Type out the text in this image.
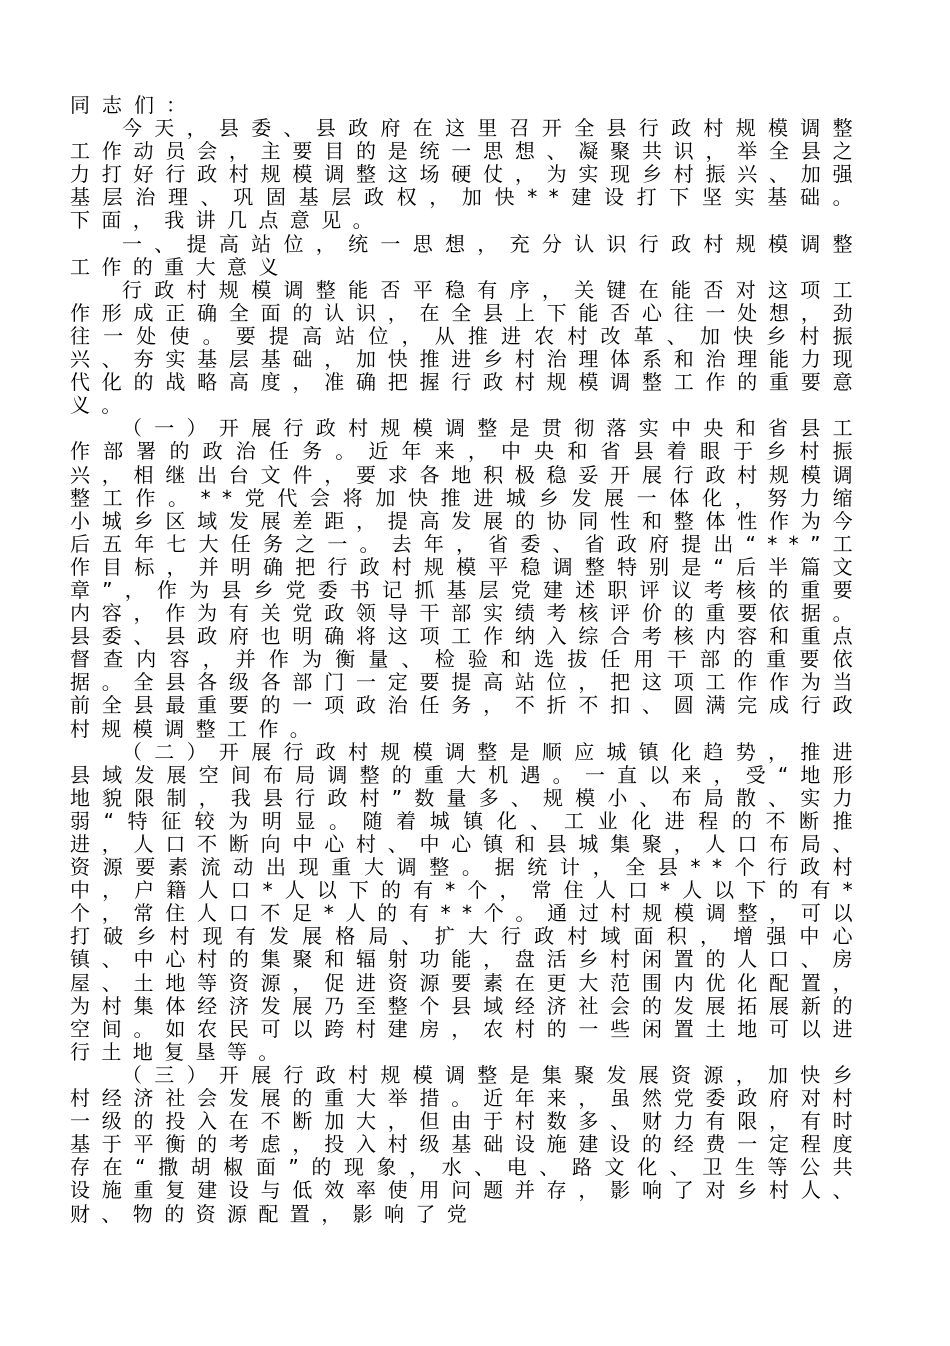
同志们：

今天，县委、县政府在这里召开全县行政村规模调整工作动员会，主要目的是统一思想、凝聚共识，举全县之力打好行政村规模调整这场硬仗，为实现乡村振兴、加强基层治理、巩固基层政权，加快**建设打下坚实基础。下面，我讲几点意见。

一、提高站位，统一思想，充分认识行政村规模调整工作的重大意义

行政村规模调整能否平稳有序，关键在能否对这项工作形成正确全面的认识，在全县上下能否心往一处想，劲往一处使。要提高站位，从推进农村改革、加快乡村振兴、夯实基层基础，加快推进乡村治理体系和治理能力现代化的战略高度，准确把握行政村规模调整工作的重要意义。

（一）开展行政村规模调整是贯彻落实中央和省县工作部署的政治任务。近年来，中央和省县着眼于乡村振兴，相继出台文件，要求各地积极稳妥开展行政村规模调整工作。**党代会将加快推进城乡发展一体化，努力缩小城乡区域发展差距，提高发展的协同性和整体性作为今后五年七大任务之一。去年，省委、省政府提出“**”工作目标，并明确把行政村规模平稳调整特别是“后半篇文章”，作为县乡党委书记抓基层党建述职评议考核的重要内容，作为有关党政领导干部实绩考核评价的重要依据。县委、县政府也明确将这项工作纳入综合考核内容和重点督查内容，并作为衡量、检验和选拔任用干部的重要依据。全县各级各部门一定要提高站位，把这项工作作为当前全县最重要的一项政治任务，不折不扣、圆满完成行政村规模调整工作。

（二）开展行政村规模调整是顺应城镇化趋势，推进县域发展空间布局调整的重大机遇。一直以来，受“地形地貌限制，我县行政村”数量多、规模小、布局散、实力弱“特征较为明显。随着城镇化、工业化进程的不断推进，人口不断向中心村、中心镇和县城集聚，人口布局、资源要素流动出现重大调整。据统计，全县**个行政村中，户籍人口*人以下的有*个，常住人口*人以下的有*个，常住人口不足*人的有**个。通过村规模调整，可以打破乡村现有发展格局、扩大行政村域面积，增强中心镇、中心村的集聚和辐射功能，盘活乡村闲置的人口、房屋、土地等资源，促进资源要素在更大范围内优化配置，为村集体经济发展乃至整个县域经济社会的发展拓展新的空间。如农民可以跨村建房，农村的一些闲置土地可以进行土地复垦等。

（三）开展行政村规模调整是集聚发展资源，加快乡村经济社会发展的重大举措。近年来，虽然党委政府对村一级的投入在不断加大，但由于村数多、财力有限，有时基于平衡的考虑，投入村级基础设施建设的经费一定程度存在“撒胡椒面”的现象，水、电、路文化、卫生等公共设施重复建设与低效率使用问题并存，影响了对乡村人、财、物的资源配置，影响了党
